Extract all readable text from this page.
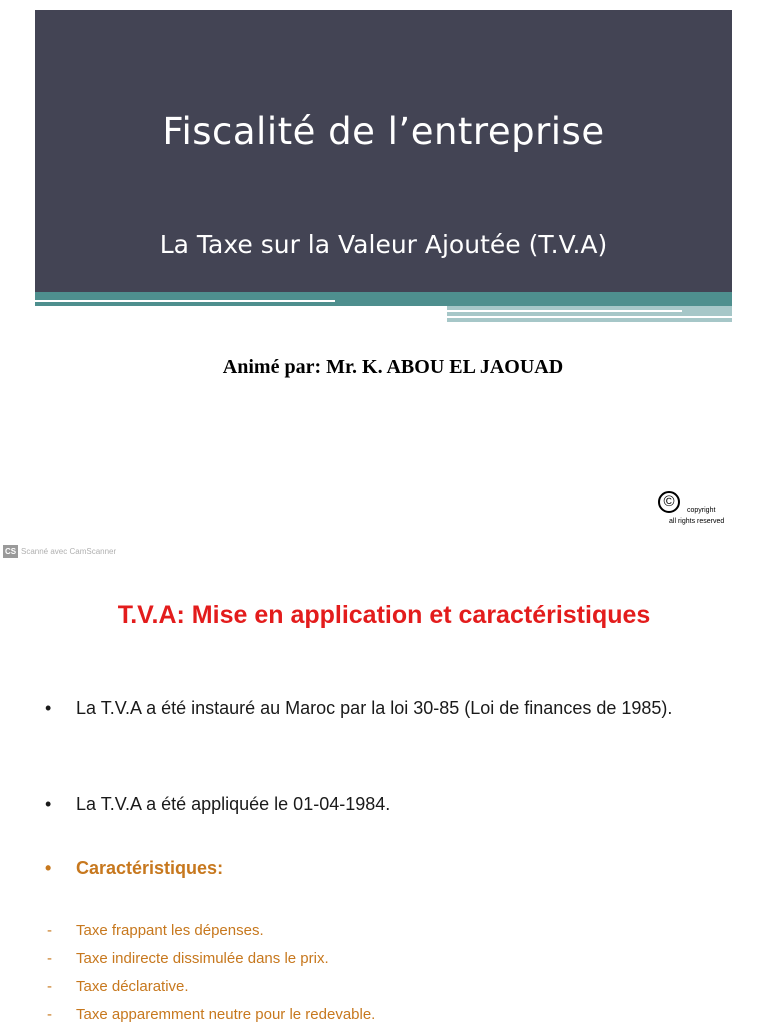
Fiscalité de l’entreprise
La Taxe sur la Valeur Ajoutée (T.V.A)
Animé par: Mr. K. ABOU EL JAOUAD
©
copyright
all rights reserved
CS Scanné avec CamScanner
T.V.A: Mise en application et caractéristiques
• La T.V.A a été instauré au Maroc par la loi 30-85 (Loi de finances de 1985).
• La T.V.A a été appliquée le 01-04-1984.
• Caractéristiques:
- Taxe frappant les dépenses.
- Taxe indirecte dissimulée dans le prix.
- Taxe déclarative.
- Taxe apparemment neutre pour le redevable.
